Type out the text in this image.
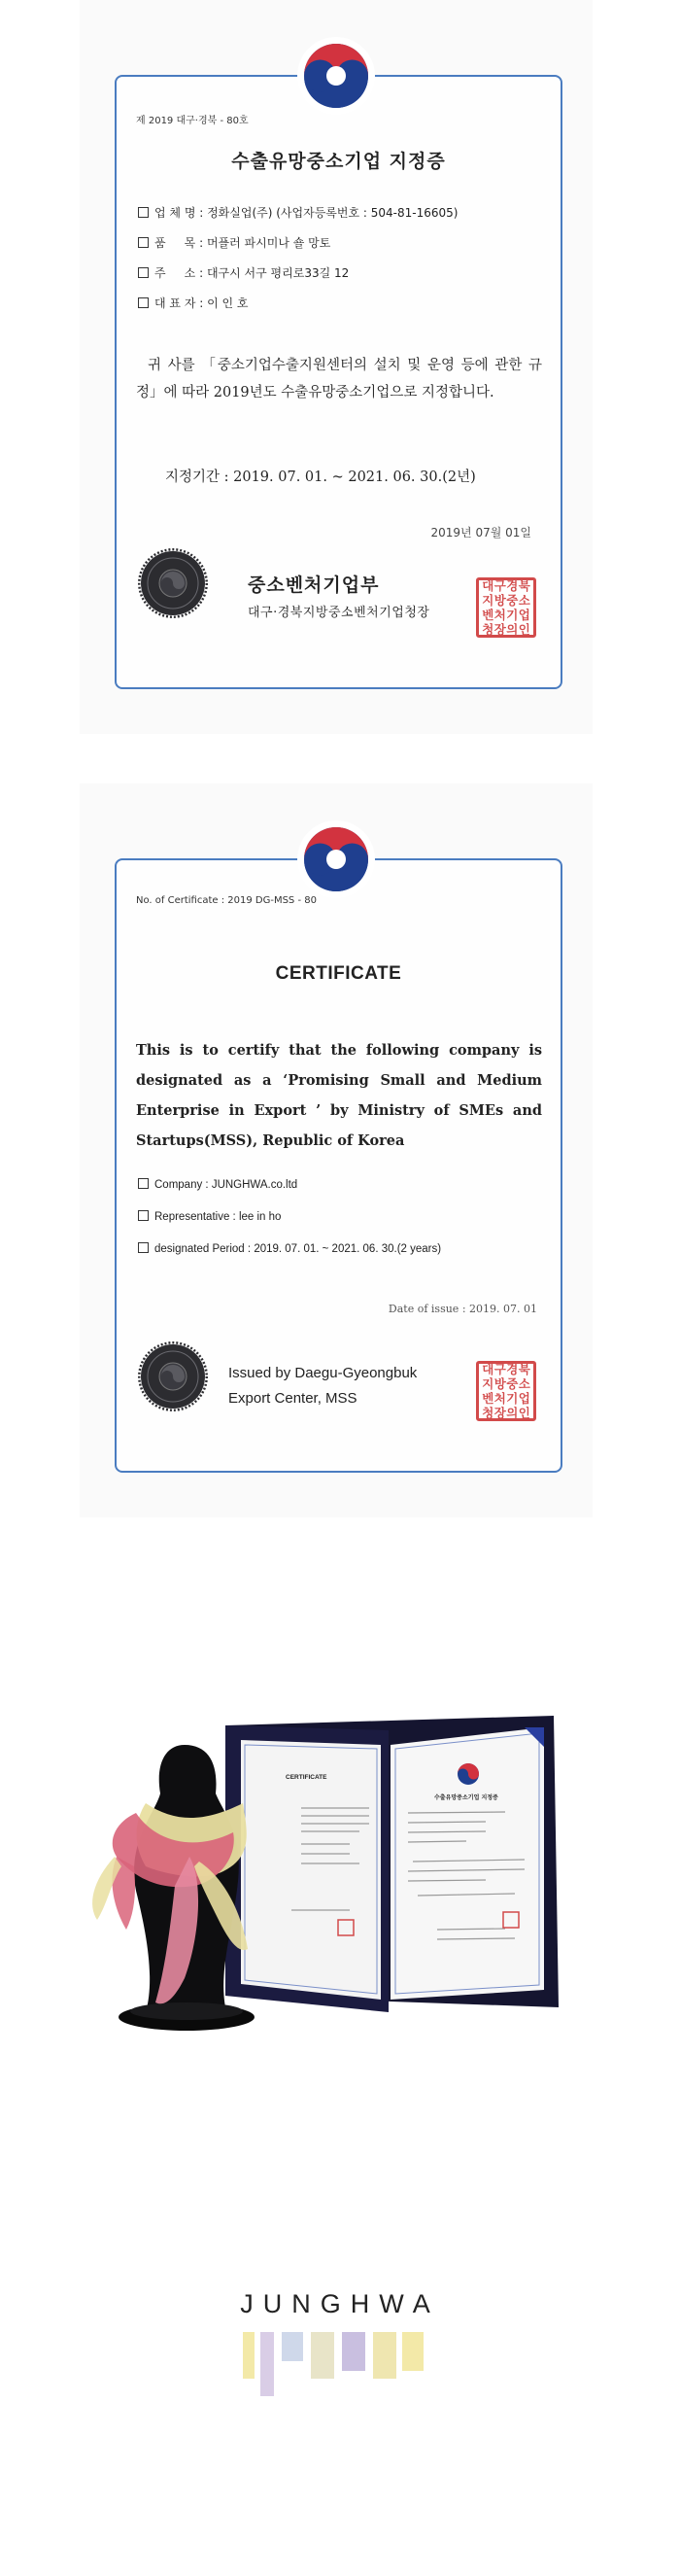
제 2019 대구·경북 - 80호
수출유망중소기업 지정증
업 체 명 : 정화실업(주) (사업자등록번호 : 504-81-16605)
품     목 : 머플러 파시미나 숄 망토
주     소 : 대구시 서구 평리로33길 12
대 표 자 : 이 인 호
귀 사를 「중소기업수출지원센터의 설치 및 운영 등에 관한 규정」에 따라 2019년도 수출유망중소기업으로 지정합니다.
지정기간 : 2019. 07. 01. ~ 2021. 06. 30.(2년)
2019년 07월 01일
중소벤처기업부
대구·경북지방중소벤처기업청장
대 구 경 북
지 방 중 소
벤 처 기 업
청 장 의 인
No. of Certificate : 2019 DG-MSS - 80
CERTIFICATE
This is to certify that the following company is designated as a ‘Promising Small and Medium Enterprise in Export ’ by Ministry of SMEs and Startups(MSS), Republic of Korea
Company : JUNGHWA.co.ltd
Representative : lee in ho
designated Period : 2019. 07. 01. ~ 2021. 06. 30.(2 years)
Date of issue : 2019. 07. 01
Issued by Daegu-Gyeongbuk
Export Center, MSS
대 구 경 북
지 방 중 소
벤 처 기 업
청 장 의 인
CERTIFICATE
수출유망중소기업 지정증
JUNGHWA
